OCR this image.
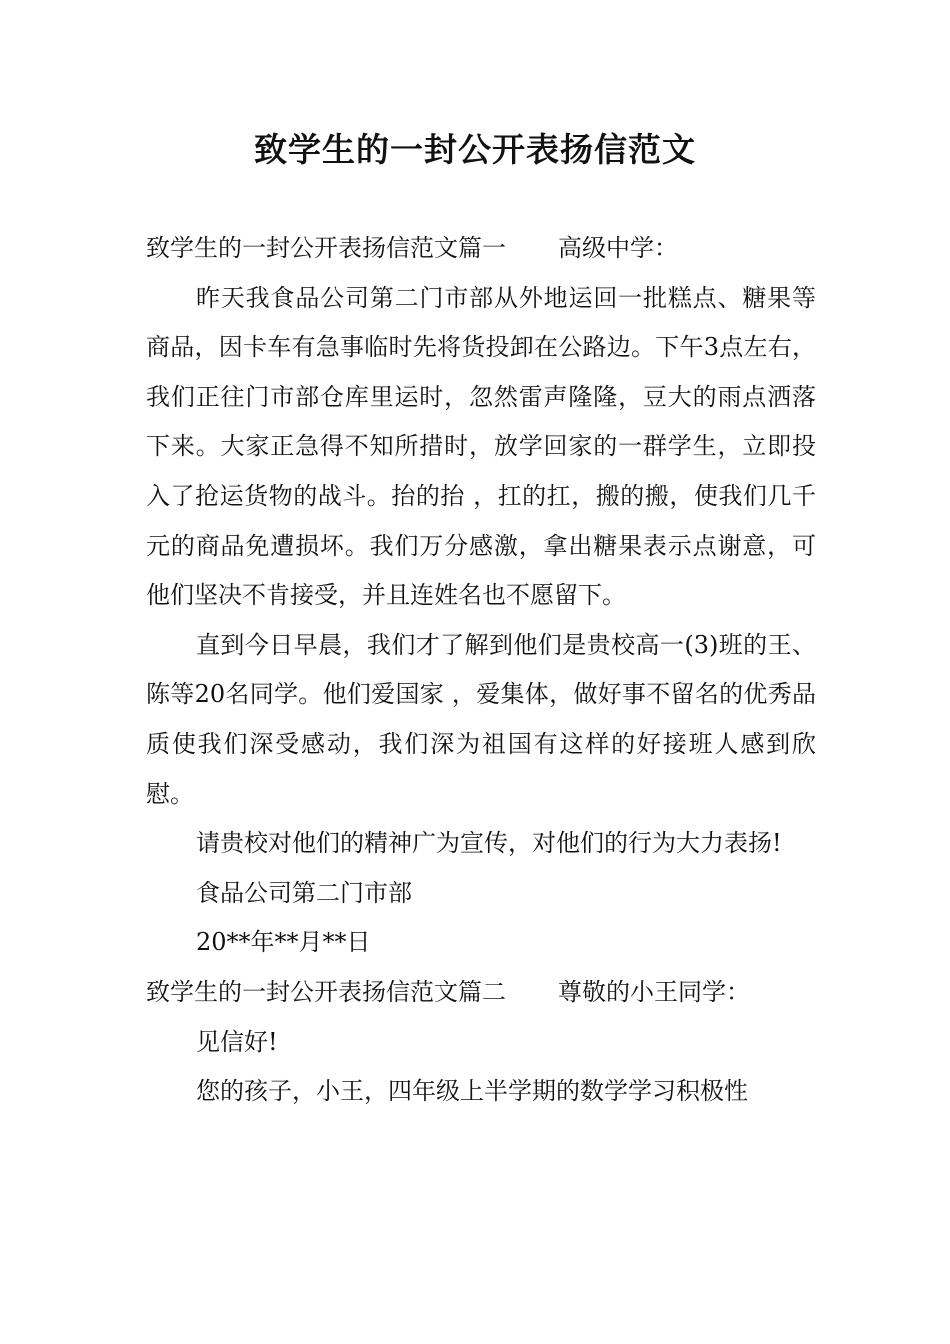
致学生的一封公开表扬信范文

致学生的一封公开表扬信范文篇一 高级中学：

昨天我食品公司第二门市部从外地运回一批糕点、糖果等商品，因卡车有急事临时先将货投卸在公路边。下午3点左右，我们正往门市部仓库里运时，忽然雷声隆隆，豆大的雨点洒落下来。大家正急得不知所措时，放学回家的一群学生，立即投入了抢运货物的战斗。抬的抬 ，扛的扛，搬的搬，使我们几千元的商品免遭损坏。我们万分感激，拿出糖果表示点谢意，可他们坚决不肯接受，并且连姓名也不愿留下。

直到今日早晨，我们才了解到他们是贵校高一(3)班的王、陈等20名同学。他们爱国家 ，爱集体，做好事不留名的优秀品质使我们深受感动，我们深为祖国有这样的好接班人感到欣慰。

请贵校对他们的精神广为宣传，对他们的行为大力表扬!

食品公司第二门市部

20**年**月**日

致学生的一封公开表扬信范文篇二 尊敬的小王同学：

见信好!

您的孩子，小王，四年级上半学期的数学学习积极性
